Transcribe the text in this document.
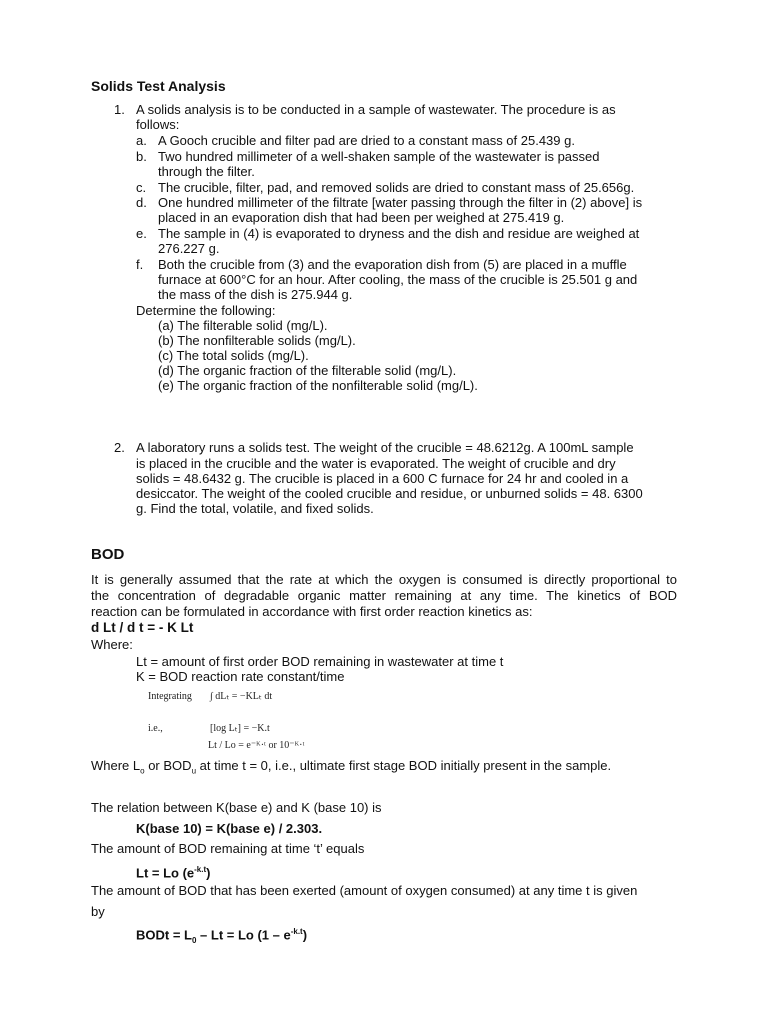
Solids Test Analysis
1. A solids analysis is to be conducted in a sample of wastewater. The procedure is as
follows:
a. A Gooch crucible and filter pad are dried to a constant mass of 25.439 g.
b. Two hundred millimeter of a well-shaken sample of the wastewater is passed
through the filter.
c. The crucible, filter, pad, and removed solids are dried to constant mass of 25.656g.
d. One hundred millimeter of the filtrate [water passing through the filter in (2) above] is
placed in an evaporation dish that had been per weighed at 275.419 g.
e. The sample in (4) is evaporated to dryness and the dish and residue are weighed at
276.227 g.
f. Both the crucible from (3) and the evaporation dish from (5) are placed in a muffle
furnace at 600°C for an hour. After cooling, the mass of the crucible is 25.501 g and
the mass of the dish is 275.944 g.
Determine the following:
(a) The filterable solid (mg/L).
(b) The nonfilterable solids (mg/L).
(c) The total solids (mg/L).
(d) The organic fraction of the filterable solid (mg/L).
(e) The organic fraction of the nonfilterable solid (mg/L).
2. A laboratory runs a solids test. The weight of the crucible = 48.6212g. A 100mL sample
is placed in the crucible and the water is evaporated. The weight of crucible and dry
solids = 48.6432 g. The crucible is placed in a 600 C furnace for 24 hr and cooled in a
desiccator. The weight of the cooled crucible and residue, or unburned solids = 48. 6300
g. Find the total, volatile, and fixed solids.
BOD
It is generally assumed that the rate at which the oxygen is consumed is directly proportional to
the concentration of degradable organic matter remaining at any time. The kinetics of BOD
reaction can be formulated in accordance with first order reaction kinetics as:
d Lt / d t = - K Lt
Where:
Lt = amount of first order BOD remaining in wastewater at time t
K = BOD reaction rate constant/time
Integrating ∫ dLₜ = −KLₜ dt
i.e.,	[log Lₜ] = −K.t
Lt / Lo = e⁻ᴷ·ᵗ or 10⁻ᴷ·ᵗ
Where $L_o$ or $BOD_u$ at time t = 0, i.e., ultimate first stage BOD initially present in the sample.
The relation between K(base e) and K (base 10) is
K(base 10) = K(base e) / 2.303.
The amount of BOD remaining at time ‘t’ equals
Lt = Lo $(e^{-k.t})$
The amount of BOD that has been exerted (amount of oxygen consumed) at any time t is given
by
BODt = $L_0 - Lt = Lo$ $(1 - e^{-k.t})$
